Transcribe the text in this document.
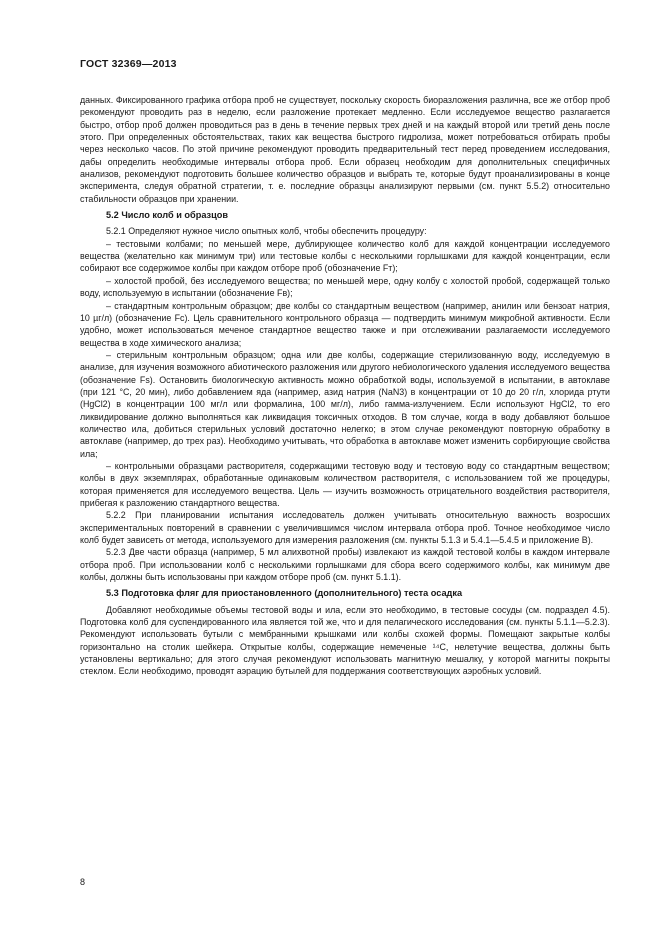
ГОСТ 32369—2013

данных. Фиксированного графика отбора проб не существует, поскольку скорость биоразложения различна, все же отбор проб рекомендуют проводить раз в неделю, если разложение протекает медленно. Если исследуемое вещество разлагается быстро, отбор проб должен проводиться раз в день в течение первых трех дней и на каждый второй или третий день после этого. При определенных обстоятельствах, таких как вещества быстрого гидролиза, может потребоваться отбирать пробы через несколько часов. По этой причине рекомендуют проводить предварительный тест перед проведением исследования, дабы определить необходимые интервалы отбора проб. Если образец необходим для дополнительных специфичных анализов, рекомендуют подготовить большее количество образцов и выбрать те, которые будут проанализированы в конце эксперимента, следуя обратной стратегии, т. е. последние образцы анализируют первыми (см. пункт 5.5.2) относительно стабильности образцов при хранении.

5.2 Число колб и образцов

5.2.1 Определяют нужное число опытных колб, чтобы обеспечить процедуру:

– тестовыми колбами; по меньшей мере, дублирующее количество колб для каждой концентрации исследуемого вещества (желательно как минимум три) или тестовые колбы с несколькими горлышками для каждой концентрации, если собирают все содержимое колбы при каждом отборе проб (обозначение Fт);

– холостой пробой, без исследуемого вещества; по меньшей мере, одну колбу с холостой пробой, содержащей только воду, используемую в испытании (обозначение Fв);

– стандартным контрольным образцом; две колбы со стандартным веществом (например, анилин или бензоат натрия, 10 µг/л) (обозначение Fс). Цель сравнительного контрольного образца — подтвердить минимум микробной активности. Если удобно, может использоваться меченое стандартное вещество также и при отслеживании разлагаемости исследуемого вещества в ходе химического анализа;

– стерильным контрольным образцом; одна или две колбы, содержащие стерилизованную воду, исследуемую в анализе, для изучения возможного абиотического разложения или другого небиологического удаления исследуемого вещества (обозначение Fs). Остановить биологическую активность можно обработкой воды, используемой в испытании, в автоклаве (при 121 °С, 20 мин), либо добавлением яда (например, азид натрия (NaN3) в концентрации от 10 до 20 г/л, хлорида ртути (HgCl2) в концентрации 100 мг/л или формалина, 100 мг/л), либо гамма-излучением. Если используют HgCl2, то его ликвидирование должно выполняться как ликвидация токсичных отходов. В том случае, когда в воду добавляют большое количество ила, добиться стерильных условий достаточно нелегко; в этом случае рекомендуют повторную обработку в автоклаве (например, до трех раз). Необходимо учитывать, что обработка в автоклаве может изменить сорбирующие свойства ила;

– контрольными образцами растворителя, содержащими тестовую воду и тестовую воду со стандартным веществом; колбы в двух экземплярах, обработанные одинаковым количеством растворителя, с использованием той же процедуры, которая применяется для исследуемого вещества. Цель — изучить возможность отрицательного воздействия растворителя, прибегая к разложению стандартного вещества.

5.2.2 При планировании испытания исследователь должен учитывать относительную важность возросших экспериментальных повторений в сравнении с увеличившимся числом интервала отбора проб. Точное необходимое число колб будет зависеть от метода, используемого для измерения разложения (см. пункты 5.1.3 и 5.4.1—5.4.5 и приложение В).

5.2.3 Две части образца (например, 5 мл алихвотной пробы) извлекают из каждой тестовой колбы в каждом интервале отбора проб. При использовании колб с несколькими горлышками для сбора всего содержимого колбы, как минимум две колбы, должны быть использованы при каждом отборе проб (см. пункт 5.1.1).

5.3 Подготовка фляг для приостановленного (дополнительного) теста осадка

Добавляют необходимые объемы тестовой воды и ила, если это необходимо, в тестовые сосуды (см. подраздел 4.5). Подготовка колб для суспендированного ила является той же, что и для пелагического исследования (см. пункты 5.1.1—5.2.3). Рекомендуют использовать бутыли с мембранными крышками или колбы схожей формы. Помещают закрытые колбы горизонтально на столик шейкера. Открытые колбы, содержащие немеченые ¹⁴С, нелетучие вещества, должны быть установлены вертикально; для этого случая рекомендуют использовать магнитную мешалку, у которой магниты покрыты стеклом. Если необходимо, проводят аэрацию бутылей для поддержания соответствующих аэробных условий.

8
